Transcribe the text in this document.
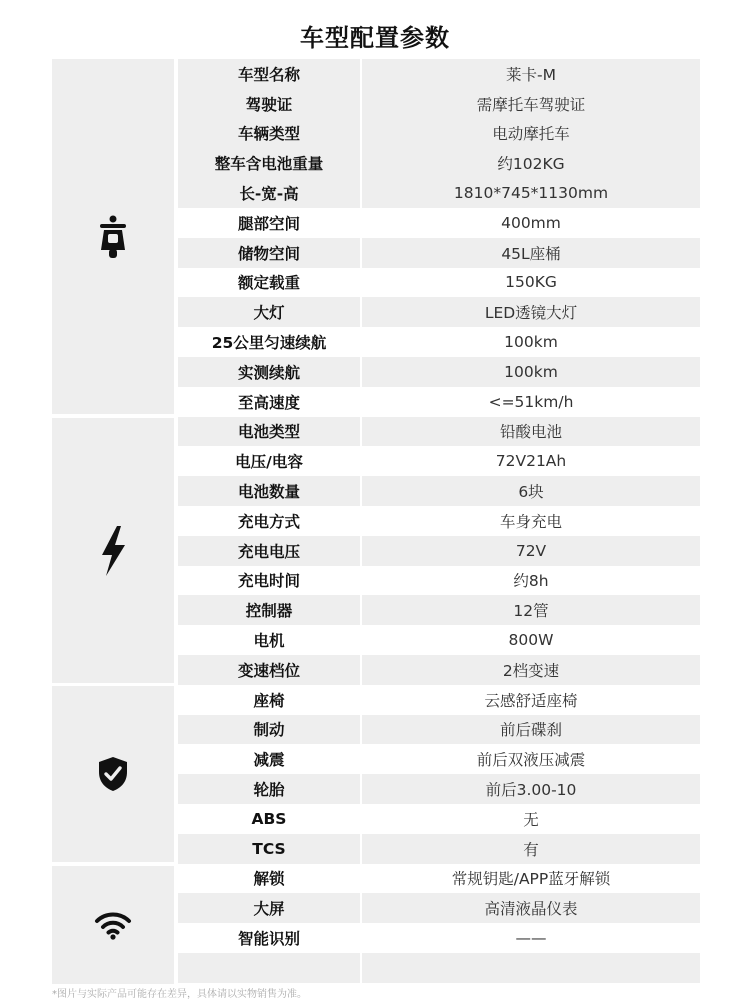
车型配置参数
车型名称	莱卡-M
驾驶证	需摩托车驾驶证
车辆类型	电动摩托车
整车含电池重量	约102KG
长-宽-高	1810*745*1130mm
腿部空间	400mm
储物空间	45L座桶
额定载重	150KG
大灯	LED透镜大灯
25公里匀速续航	100km
实测续航	100km
至高速度	<=51km/h
电池类型	铅酸电池
电压/电容	72V21Ah
电池数量	6块
充电方式	车身充电
充电电压	72V
充电时间	约8h
控制器	12管
电机	800W
变速档位	2档变速
座椅	云感舒适座椅
制动	前后碟刹
减震	前后双液压减震
轮胎	前后3.00-10
ABS	无
TCS	有
解锁	常规钥匙/APP蓝牙解锁
大屏	高清液晶仪表
智能识别	——
*图片与实际产品可能存在差异，具体请以实物销售为准。
